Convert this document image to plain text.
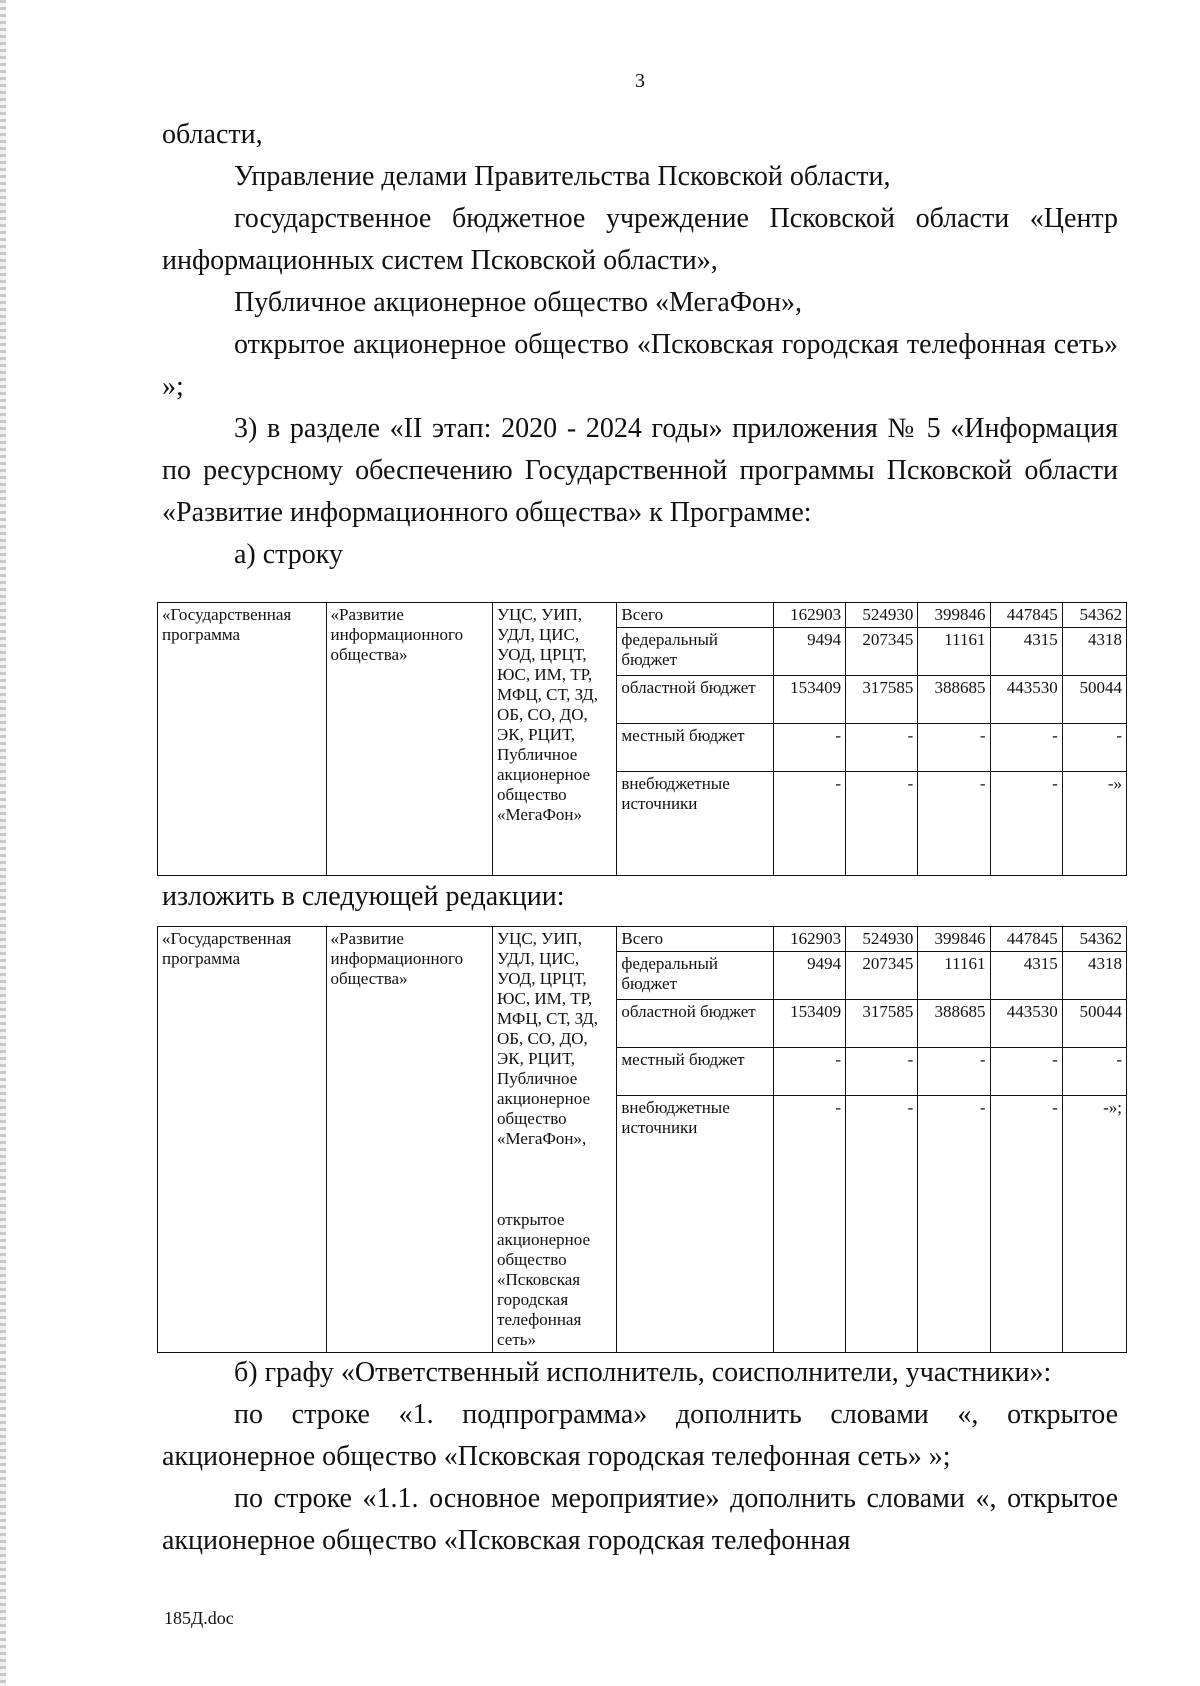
3

области,

Управление делами Правительства Псковской области,

государственное бюджетное учреждение Псковской области «Центр информационных систем Псковской области»,

Публичное акционерное общество «МегаФон»,

открытое акционерное общество «Псковская городская телефонная сеть» »;

3) в разделе «II этап: 2020 - 2024 годы» приложения № 5 «Информация по ресурсному обеспечению Государственной программы Псковской области «Развитие информационного общества» к Программе:

а) строку

«Государственная программа	«Развитие информационного общества»	УЦС, УИП, УДЛ, ЦИС, УОД, ЦРЦТ, ЮС, ИМ, ТР, МФЦ, СТ, ЗД, ОБ, СО, ДО, ЭК, РЦИТ, Публичное акционерное общество «МегаФон»	Всего	162903	524930	399846	447845	54362
			федеральный бюджет	9494	207345	11161	4315	4318
			областной бюджет	153409	317585	388685	443530	50044
			местный бюджет	-	-	-	-	-
			внебюджетные источники	-	-	-	-	-»

изложить в следующей редакции:

«Государственная программа	«Развитие информационного общества»	УЦС, УИП, УДЛ, ЦИС, УОД, ЦРЦТ, ЮС, ИМ, ТР, МФЦ, СТ, ЗД, ОБ, СО, ДО, ЭК, РЦИТ, Публичное акционерное общество «МегаФон»,	Всего	162903	524930	399846	447845	54362
			федеральный бюджет	9494	207345	11161	4315	4318
			областной бюджет	153409	317585	388685	443530	50044
			местный бюджет	-	-	-	-	-
			внебюджетные источники	-	-	-	-	-»;
		открытое акционерное общество «Псковская городская телефонная сеть»						

б) графу «Ответственный исполнитель, соисполнители, участники»:

по строке «1. подпрограмма» дополнить словами «, открытое акционерное общество «Псковская городская телефонная сеть» »;

по строке «1.1. основное мероприятие» дополнить словами «, открытое акционерное общество «Псковская городская телефонная

185Д.doc
